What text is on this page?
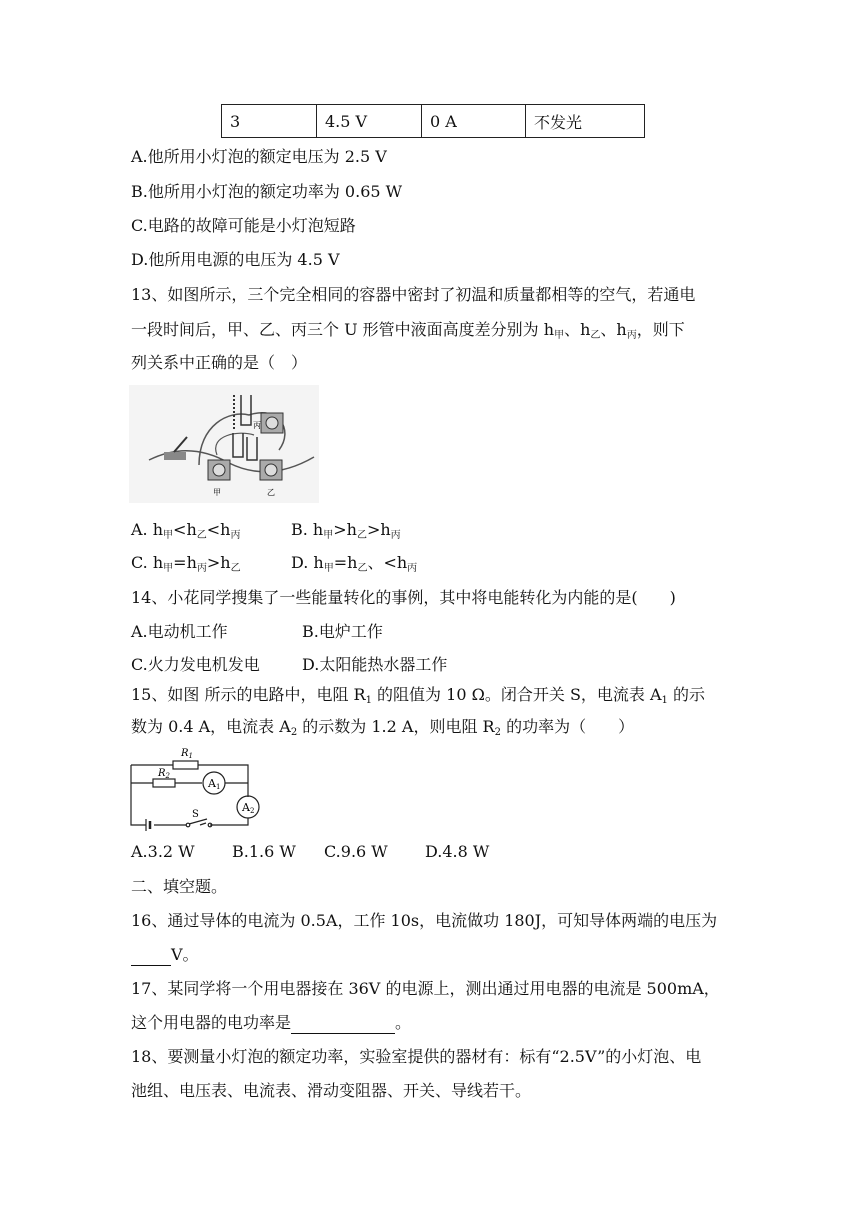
3	4.5 V	0 A	不发光
A.他所用小灯泡的额定电压为 2.5 V
B.他所用小灯泡的额定功率为 0.65 W
C.电路的故障可能是小灯泡短路
D.他所用电源的电压为 4.5 V
13、如图所示，三个完全相同的容器中密封了初温和质量都相等的空气，若通电
一段时间后，甲、乙、丙三个 U 形管中液面高度差分别为 $h_甲$、$h_乙$、$h_丙$，则下
列关系中正确的是（　）
丙
甲	乙
A. $h_甲<h_乙<h_丙$	B. $h_甲>h_乙>h_丙$
C. $h_甲=h_丙>h_乙$	D. $h_甲=h_乙$、$<h_丙$
14、小花同学搜集了一些能量转化的事例，其中将电能转化为内能的是(　　)
A.电动机工作	B.电炉工作
C.火力发电机发电	D.太阳能热水器工作
15、如图 所示的电路中，电阻 $R_1$ 的阻值为 10 Ω。闭合开关 S，电流表 $A_1$ 的示
数为 0.4 A，电流表 $A_2$ 的示数为 1.2 A，则电阻 $R_2$ 的功率为（　　）
$R_1$
$R_2$
A1
A2
S
A.3.2 W B.1.6 W C.9.6 W D.4.8 W
二、填空题。
16、通过导体的电流为 0.5A，工作 10s，电流做功 180J，可知导体两端的电压为
V。
17、某同学将一个用电器接在 36V 的电源上，测出通过用电器的电流是 500mA，
这个用电器的电功率是	。
18、要测量小灯泡的额定功率，实验室提供的器材有：标有“2.5V”的小灯泡、电
池组、电压表、电流表、滑动变阻器、开关、导线若干。
